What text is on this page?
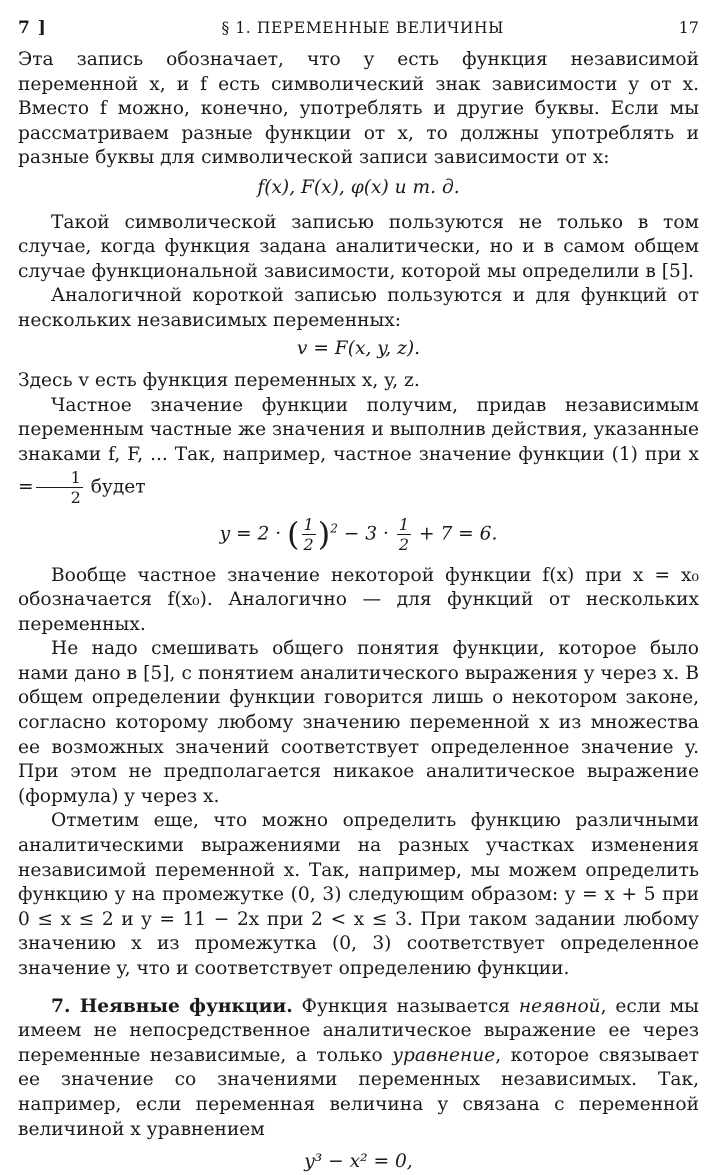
7 ]	§ 1. ПЕРЕМЕННЫЕ ВЕЛИЧИНЫ	17

Эта запись обозначает, что y есть функция независимой переменной x, и f есть символический знак зависимости y от x. Вместо f можно, конечно, употреблять и другие буквы. Если мы рассматриваем разные функции от x, то должны употреблять и разные буквы для символической записи зависимости от x:

f(x), F(x), φ(x) и т. д.

Такой символической записью пользуются не только в том случае, когда функция задана аналитически, но и в самом общем случае функциональной зависимости, которой мы определили в [5].

Аналогичной короткой записью пользуются и для функций от нескольких независимых переменных:

v = F(x, y, z).

Здесь v есть функция переменных x, y, z.

Частное значение функции получим, придав независимым переменным частные же значения и выполнив действия, указанные знаками f, F, ... Так, например, частное значение функции (1) при $x = \frac{1}{2}$ будет

y = 2 · ( $\frac{1}{2} )^2 - 3 \cdot \frac{1}{2} + 7 = 6$.

Вообще частное значение некоторой функции f(x) при x = x₀ обозначается f(x₀). Аналогично — для функций от нескольких переменных.

Не надо смешивать общего понятия функции, которое было нами дано в [5], с понятием аналитического выражения y через x. В общем определении функции говорится лишь о некотором законе, согласно которому любому значению переменной x из множества ее возможных значений соответствует определенное значение y. При этом не предполагается никакое аналитическое выражение (формула) y через x.

Отметим еще, что можно определить функцию различными аналитическими выражениями на разных участках изменения независимой переменной x. Так, например, мы можем определить функцию y на промежутке (0, 3) следующим образом: y = x + 5 при 0 ≤ x ≤ 2 и y = 11 − 2x при 2 < x ≤ 3. При таком задании любому значению x из промежутка (0, 3) соответствует определенное значение y, что и соответствует определению функции.

7. Неявные функции. Функция называется неявной, если мы имеем не непосредственное аналитическое выражение ее через переменные независимые, а только уравнение, которое связывает ее значение со значениями переменных независимых. Так, например, если переменная величина y связана с переменной величиной x уравнением

y³ − x² = 0,
